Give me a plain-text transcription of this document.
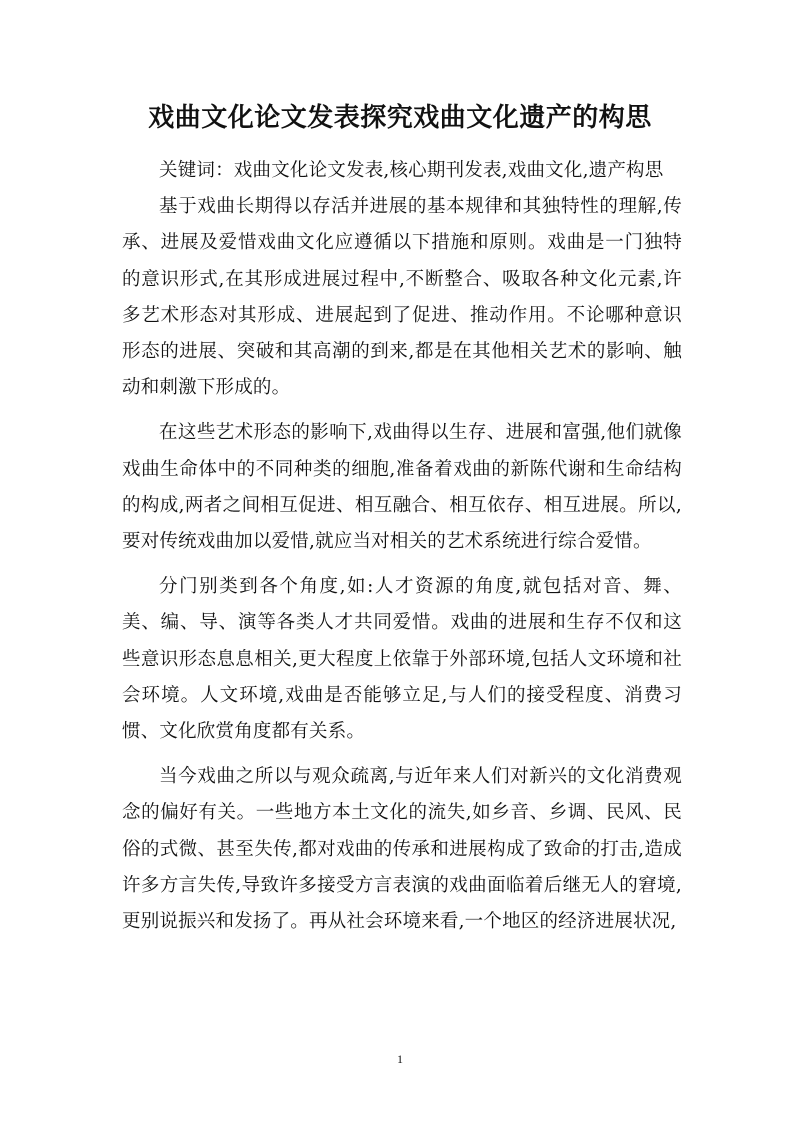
戏曲文化论文发表探究戏曲文化遗产的构思

关键词：戏曲文化论文发表,核心期刊发表,戏曲文化,遗产构思

基于戏曲长期得以存活并进展的基本规律和其独特性的理解,传承、进展及爱惜戏曲文化应遵循以下措施和原则。戏曲是一门独特的意识形式,在其形成进展过程中,不断整合、吸取各种文化元素,许多艺术形态对其形成、进展起到了促进、推动作用。不论哪种意识形态的进展、突破和其高潮的到来,都是在其他相关艺术的影响、触动和刺激下形成的。

在这些艺术形态的影响下,戏曲得以生存、进展和富强,他们就像戏曲生命体中的不同种类的细胞,准备着戏曲的新陈代谢和生命结构的构成,两者之间相互促进、相互融合、相互依存、相互进展。所以,要对传统戏曲加以爱惜,就应当对相关的艺术系统进行综合爱惜。

分门别类到各个角度,如:人才资源的角度,就包括对音、舞、美、编、导、演等各类人才共同爱惜。戏曲的进展和生存不仅和这些意识形态息息相关,更大程度上依靠于外部环境,包括人文环境和社会环境。人文环境,戏曲是否能够立足,与人们的接受程度、消费习惯、文化欣赏角度都有关系。

当今戏曲之所以与观众疏离,与近年来人们对新兴的文化消费观念的偏好有关。一些地方本土文化的流失,如乡音、乡调、民风、民俗的式微、甚至失传,都对戏曲的传承和进展构成了致命的打击,造成许多方言失传,导致许多接受方言表演的戏曲面临着后继无人的窘境,更别说振兴和发扬了。再从社会环境来看,一个地区的经济进展状况,

1
